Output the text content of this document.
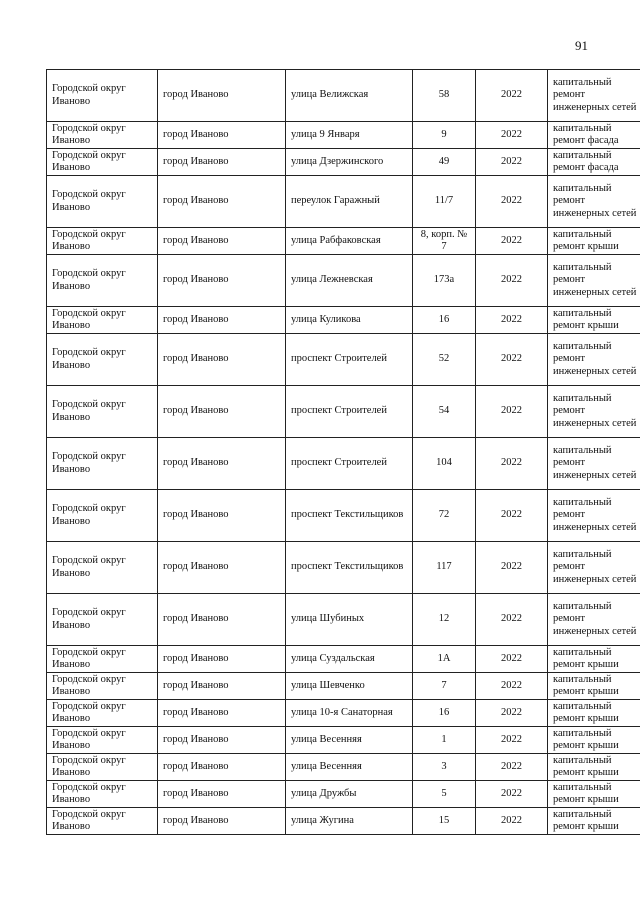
91
Городской округ Иваново	город Иваново	улица Велижская	58	2022	капитальный ремонт инженерных сетей
Городской округ Иваново	город Иваново	улица 9 Января	9	2022	капитальный ремонт фасада
Городской округ Иваново	город Иваново	улица Дзержинского	49	2022	капитальный ремонт фасада
Городской округ Иваново	город Иваново	переулок Гаражный	11/7	2022	капитальный ремонт инженерных сетей
Городской округ Иваново	город Иваново	улица Рабфаковская	8, корп. № 7	2022	капитальный ремонт крыши
Городской округ Иваново	город Иваново	улица Лежневская	173а	2022	капитальный ремонт инженерных сетей
Городской округ Иваново	город Иваново	улица Куликова	16	2022	капитальный ремонт крыши
Городской округ Иваново	город Иваново	проспект Строителей	52	2022	капитальный ремонт инженерных сетей
Городской округ Иваново	город Иваново	проспект Строителей	54	2022	капитальный ремонт инженерных сетей
Городской округ Иваново	город Иваново	проспект Строителей	104	2022	капитальный ремонт инженерных сетей
Городской округ Иваново	город Иваново	проспект Текстильщиков	72	2022	капитальный ремонт инженерных сетей
Городской округ Иваново	город Иваново	проспект Текстильщиков	117	2022	капитальный ремонт инженерных сетей
Городской округ Иваново	город Иваново	улица Шубиных	12	2022	капитальный ремонт инженерных сетей
Городской округ Иваново	город Иваново	улица Суздальская	1А	2022	капитальный ремонт крыши
Городской округ Иваново	город Иваново	улица Шевченко	7	2022	капитальный ремонт крыши
Городской округ Иваново	город Иваново	улица 10-я Санаторная	16	2022	капитальный ремонт крыши
Городской округ Иваново	город Иваново	улица Весенняя	1	2022	капитальный ремонт крыши
Городской округ Иваново	город Иваново	улица Весенняя	3	2022	капитальный ремонт крыши
Городской округ Иваново	город Иваново	улица Дружбы	5	2022	капитальный ремонт крыши
Городской округ Иваново	город Иваново	улица Жугина	15	2022	капитальный ремонт крыши
